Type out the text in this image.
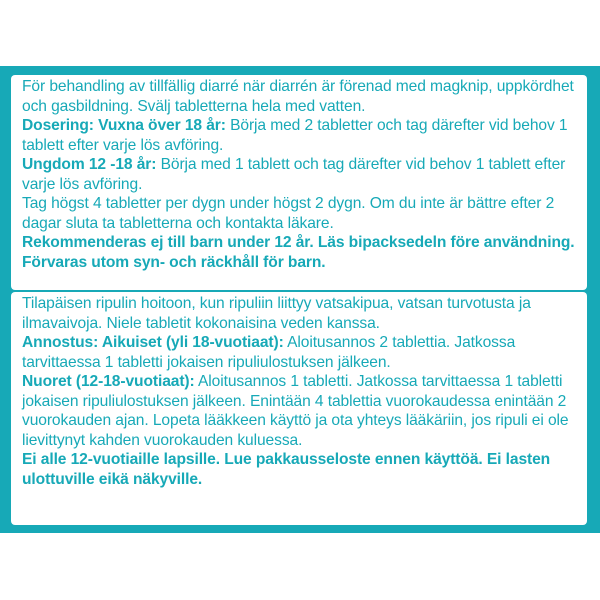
För behandling av tillfällig diarré när diarrén är förenad med magknip, uppkördhet och gasbildning. Svälj tabletterna hela med vatten.

Dosering: Vuxna över 18 år: Börja med 2 tabletter och tag därefter vid behov 1 tablett efter varje lös avföring.

Ungdom 12 -18 år: Börja med 1 tablett och tag därefter vid behov 1 tablett efter varje lös avföring.

Tag högst 4 tabletter per dygn under högst 2 dygn. Om du inte är bättre efter 2 dagar sluta ta tabletterna och kontakta läkare.

Rekommenderas ej till barn under 12 år. Läs bipacksedeln före användning. Förvaras utom syn- och räckhåll för barn.

Tilapäisen ripulin hoitoon, kun ripuliin liittyy vatsakipua, vatsan turvotusta ja ilmavaivoja. Niele tabletit kokonaisina veden kanssa.

Annostus: Aikuiset (yli 18-vuotiaat): Aloitusannos 2 tablettia. Jatkossa tarvittaessa 1 tabletti jokaisen ripuliulostuksen jälkeen.

Nuoret (12-18-vuotiaat): Aloitusannos 1 tabletti. Jatkossa tarvittaessa 1 tabletti jokaisen ripuliulostuksen jälkeen. Enintään 4 tablettia vuorokaudessa enintään 2 vuorokauden ajan. Lopeta lääkkeen käyttö ja ota yhteys lääkäriin, jos ripuli ei ole lievittynyt kahden vuorokauden kuluessa.

Ei alle 12-vuotiaille lapsille. Lue pakkausseloste ennen käyttöä. Ei lasten ulottuville eikä näkyville.
